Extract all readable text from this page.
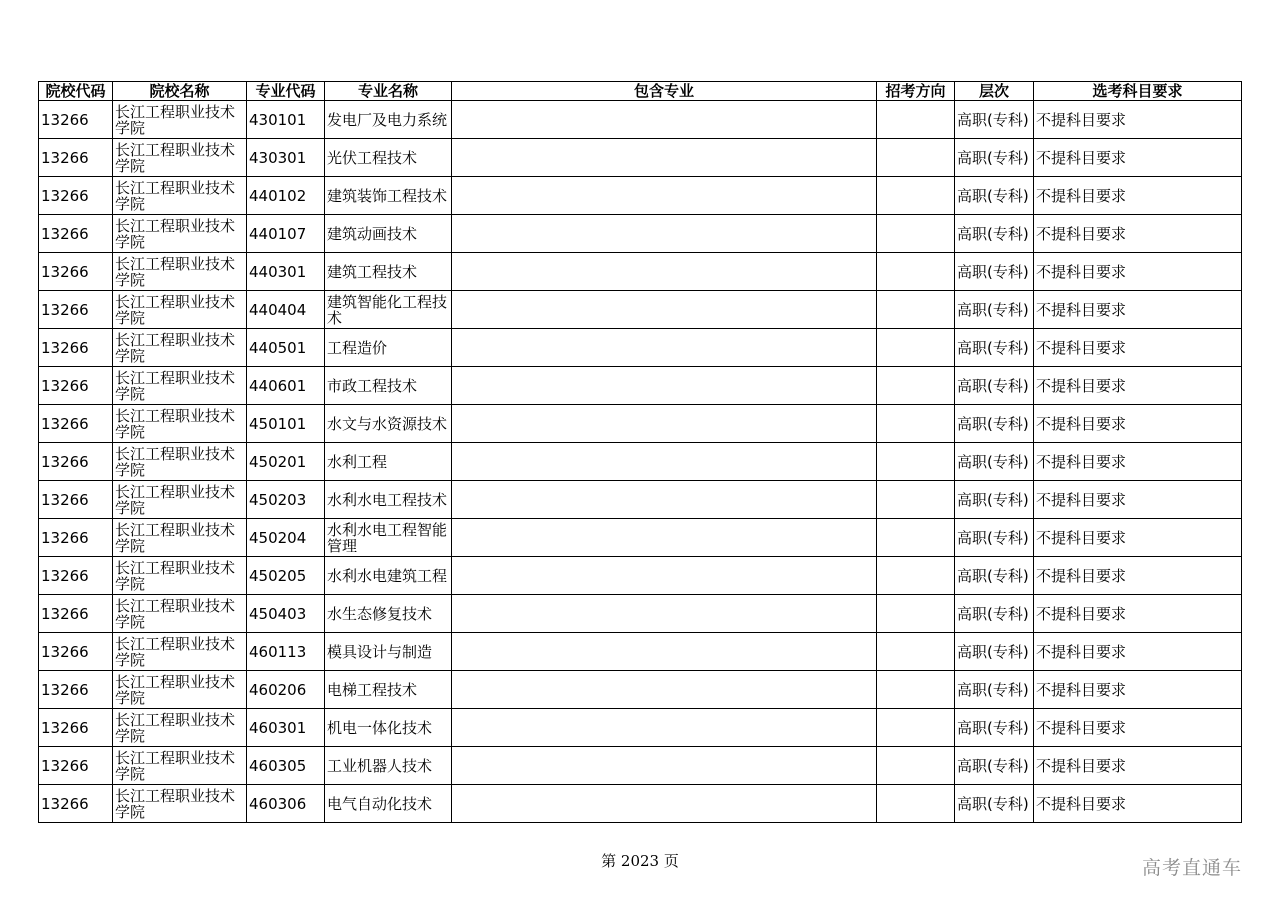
院校代码	院校名称	专业代码	专业名称	包含专业	招考方向	层次	选考科目要求
13266	长江工程职业技术学院	430101	发电厂及电力系统			高职(专科)	不提科目要求
13266	长江工程职业技术学院	430301	光伏工程技术			高职(专科)	不提科目要求
13266	长江工程职业技术学院	440102	建筑装饰工程技术			高职(专科)	不提科目要求
13266	长江工程职业技术学院	440107	建筑动画技术			高职(专科)	不提科目要求
13266	长江工程职业技术学院	440301	建筑工程技术			高职(专科)	不提科目要求
13266	长江工程职业技术学院	440404	建筑智能化工程技术			高职(专科)	不提科目要求
13266	长江工程职业技术学院	440501	工程造价			高职(专科)	不提科目要求
13266	长江工程职业技术学院	440601	市政工程技术			高职(专科)	不提科目要求
13266	长江工程职业技术学院	450101	水文与水资源技术			高职(专科)	不提科目要求
13266	长江工程职业技术学院	450201	水利工程			高职(专科)	不提科目要求
13266	长江工程职业技术学院	450203	水利水电工程技术			高职(专科)	不提科目要求
13266	长江工程职业技术学院	450204	水利水电工程智能管理			高职(专科)	不提科目要求
13266	长江工程职业技术学院	450205	水利水电建筑工程			高职(专科)	不提科目要求
13266	长江工程职业技术学院	450403	水生态修复技术			高职(专科)	不提科目要求
13266	长江工程职业技术学院	460113	模具设计与制造			高职(专科)	不提科目要求
13266	长江工程职业技术学院	460206	电梯工程技术			高职(专科)	不提科目要求
13266	长江工程职业技术学院	460301	机电一体化技术			高职(专科)	不提科目要求
13266	长江工程职业技术学院	460305	工业机器人技术			高职(专科)	不提科目要求
13266	长江工程职业技术学院	460306	电气自动化技术			高职(专科)	不提科目要求
第 2023 页	高考直通车
